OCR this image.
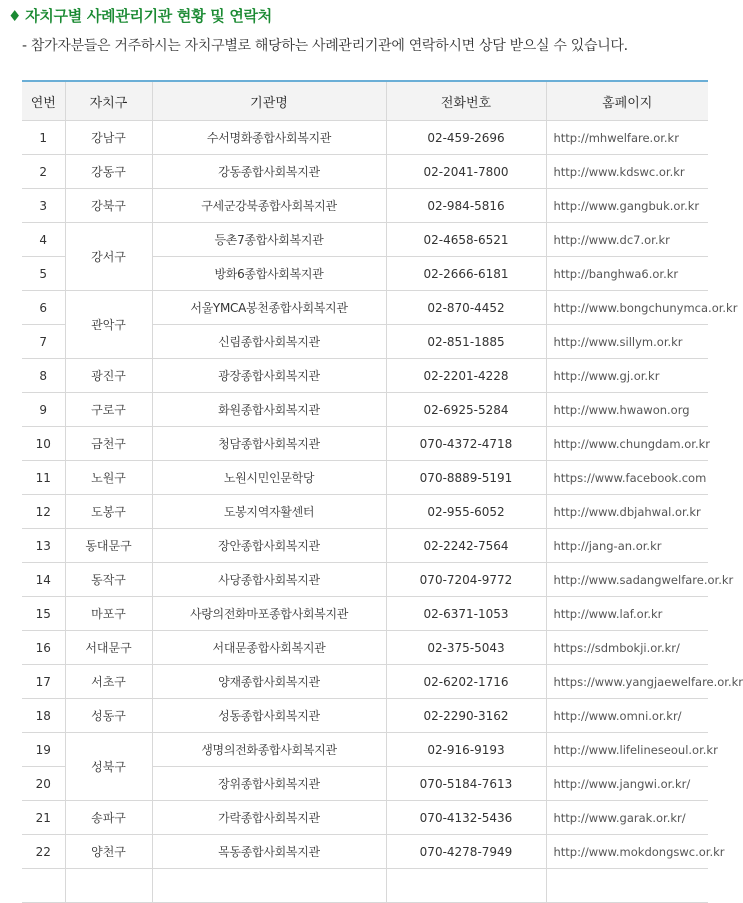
♦ 자치구별 사례관리기관 현황 및 연락처
- 참가자분들은 거주하시는 자치구별로 해당하는 사례관리기관에 연락하시면 상담 받으실 수 있습니다.
연번	자치구	기관명	전화번호	홈페이지
1	강남구	수서명화종합사회복지관	02-459-2696	http://mhwelfare.or.kr
2	강동구	강동종합사회복지관	02-2041-7800	http://www.kdswc.or.kr
3	강북구	구세군강북종합사회복지관	02-984-5816	http://www.gangbuk.or.kr
4	강서구	등촌7종합사회복지관	02-4658-6521	http://www.dc7.or.kr
5		방화6종합사회복지관	02-2666-6181	http://banghwa6.or.kr
6	관악구	서울YMCA봉천종합사회복지관	02-870-4452	http://www.bongchunymca.or.kr
7		신림종합사회복지관	02-851-1885	http://www.sillym.or.kr
8	광진구	광장종합사회복지관	02-2201-4228	http://www.gj.or.kr
9	구로구	화원종합사회복지관	02-6925-5284	http://www.hwawon.org
10	금천구	청담종합사회복지관	070-4372-4718	http://www.chungdam.or.kr
11	노원구	노원시민인문학당	070-8889-5191	https://www.facebook.com
12	도봉구	도봉지역자활센터	02-955-6052	http://www.dbjahwal.or.kr
13	동대문구	장안종합사회복지관	02-2242-7564	http://jang-an.or.kr
14	동작구	사당종합사회복지관	070-7204-9772	http://www.sadangwelfare.or.kr
15	마포구	사랑의전화마포종합사회복지관	02-6371-1053	http://www.laf.or.kr
16	서대문구	서대문종합사회복지관	02-375-5043	https://sdmbokji.or.kr/
17	서초구	양재종합사회복지관	02-6202-1716	https://www.yangjaewelfare.or.kr
18	성동구	성동종합사회복지관	02-2290-3162	http://www.omni.or.kr/
19	성북구	생명의전화종합사회복지관	02-916-9193	http://www.lifelineseoul.or.kr
20		장위종합사회복지관	070-5184-7613	http://www.jangwi.or.kr/
21	송파구	가락종합사회복지관	070-4132-5436	http://www.garak.or.kr/
22	양천구	목동종합사회복지관	070-4278-7949	http://www.mokdongswc.or.kr
